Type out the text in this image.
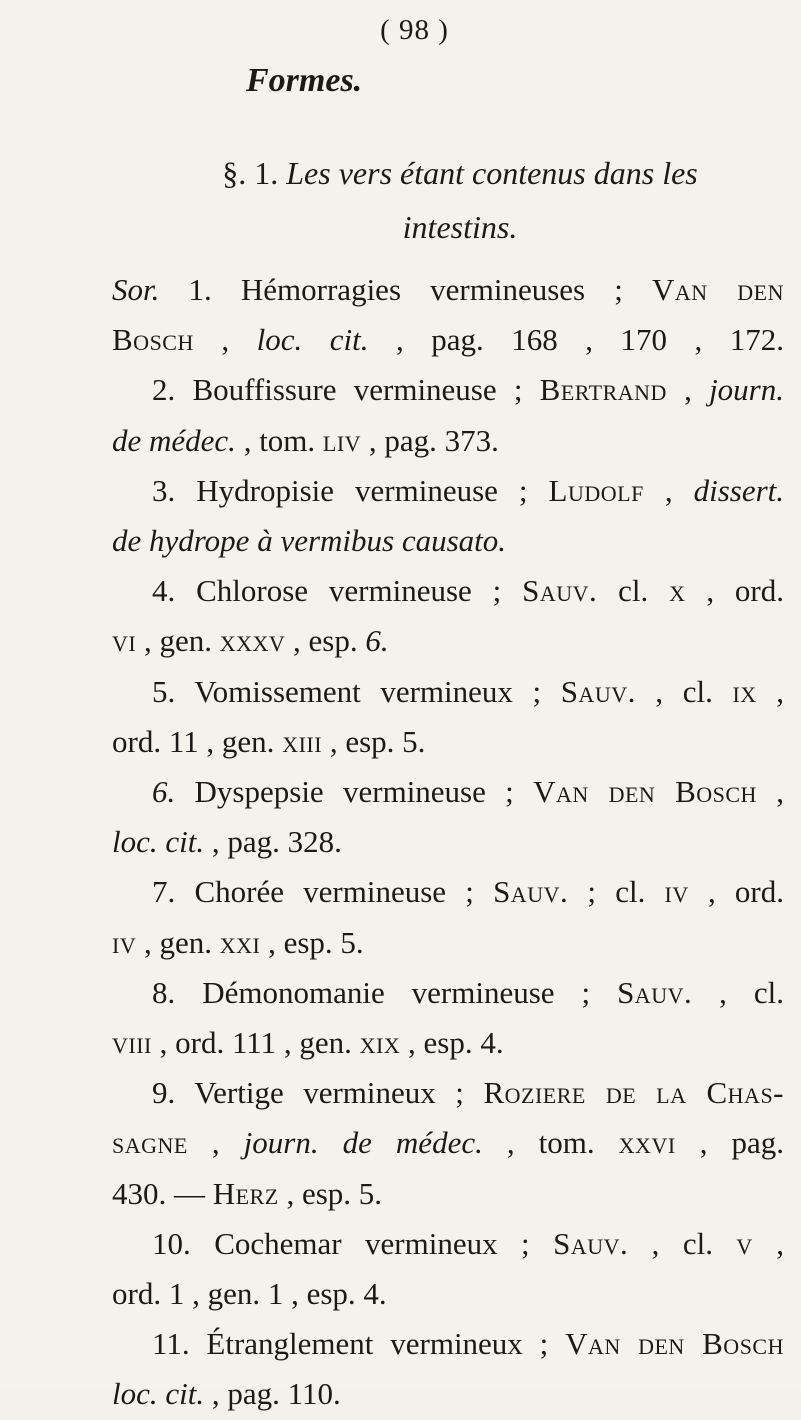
( 98 )
Formes.
§. 1. Les vers étant contenus dans les
intestins.
Sor. 1. Hémorragies vermineuses ; Van den
Bosch , loc. cit. , pag. 168 , 170 , 172.
2. Bouffissure vermineuse ; Bertrand , journ.
de médec. , tom. liv , pag. 373.
3. Hydropisie vermineuse ; Ludolf , dissert.
de hydrope à vermibus causato.
4. Chlorose vermineuse ; Sauv. cl. x , ord.
vi , gen. xxxv , esp. 6.
5. Vomissement vermineux ; Sauv. , cl. ix ,
ord. 11 , gen. xiii , esp. 5.
6. Dyspepsie vermineuse ; Van den Bosch ,
loc. cit. , pag. 328.
7. Chorée vermineuse ; Sauv. ; cl. iv , ord.
iv , gen. xxi , esp. 5.
8. Démonomanie vermineuse ; Sauv. , cl.
viii , ord. 111 , gen. xix , esp. 4.
9. Vertige vermineux ; Roziere de la Chas-
sagne , journ. de médec. , tom. xxvi , pag.
430. — Herz , esp. 5.
10. Cochemar vermineux ; Sauv. , cl. v ,
ord. 1 , gen. 1 , esp. 4.
11. Étranglement vermineux ; Van den Bosch
loc. cit. , pag. 110.
